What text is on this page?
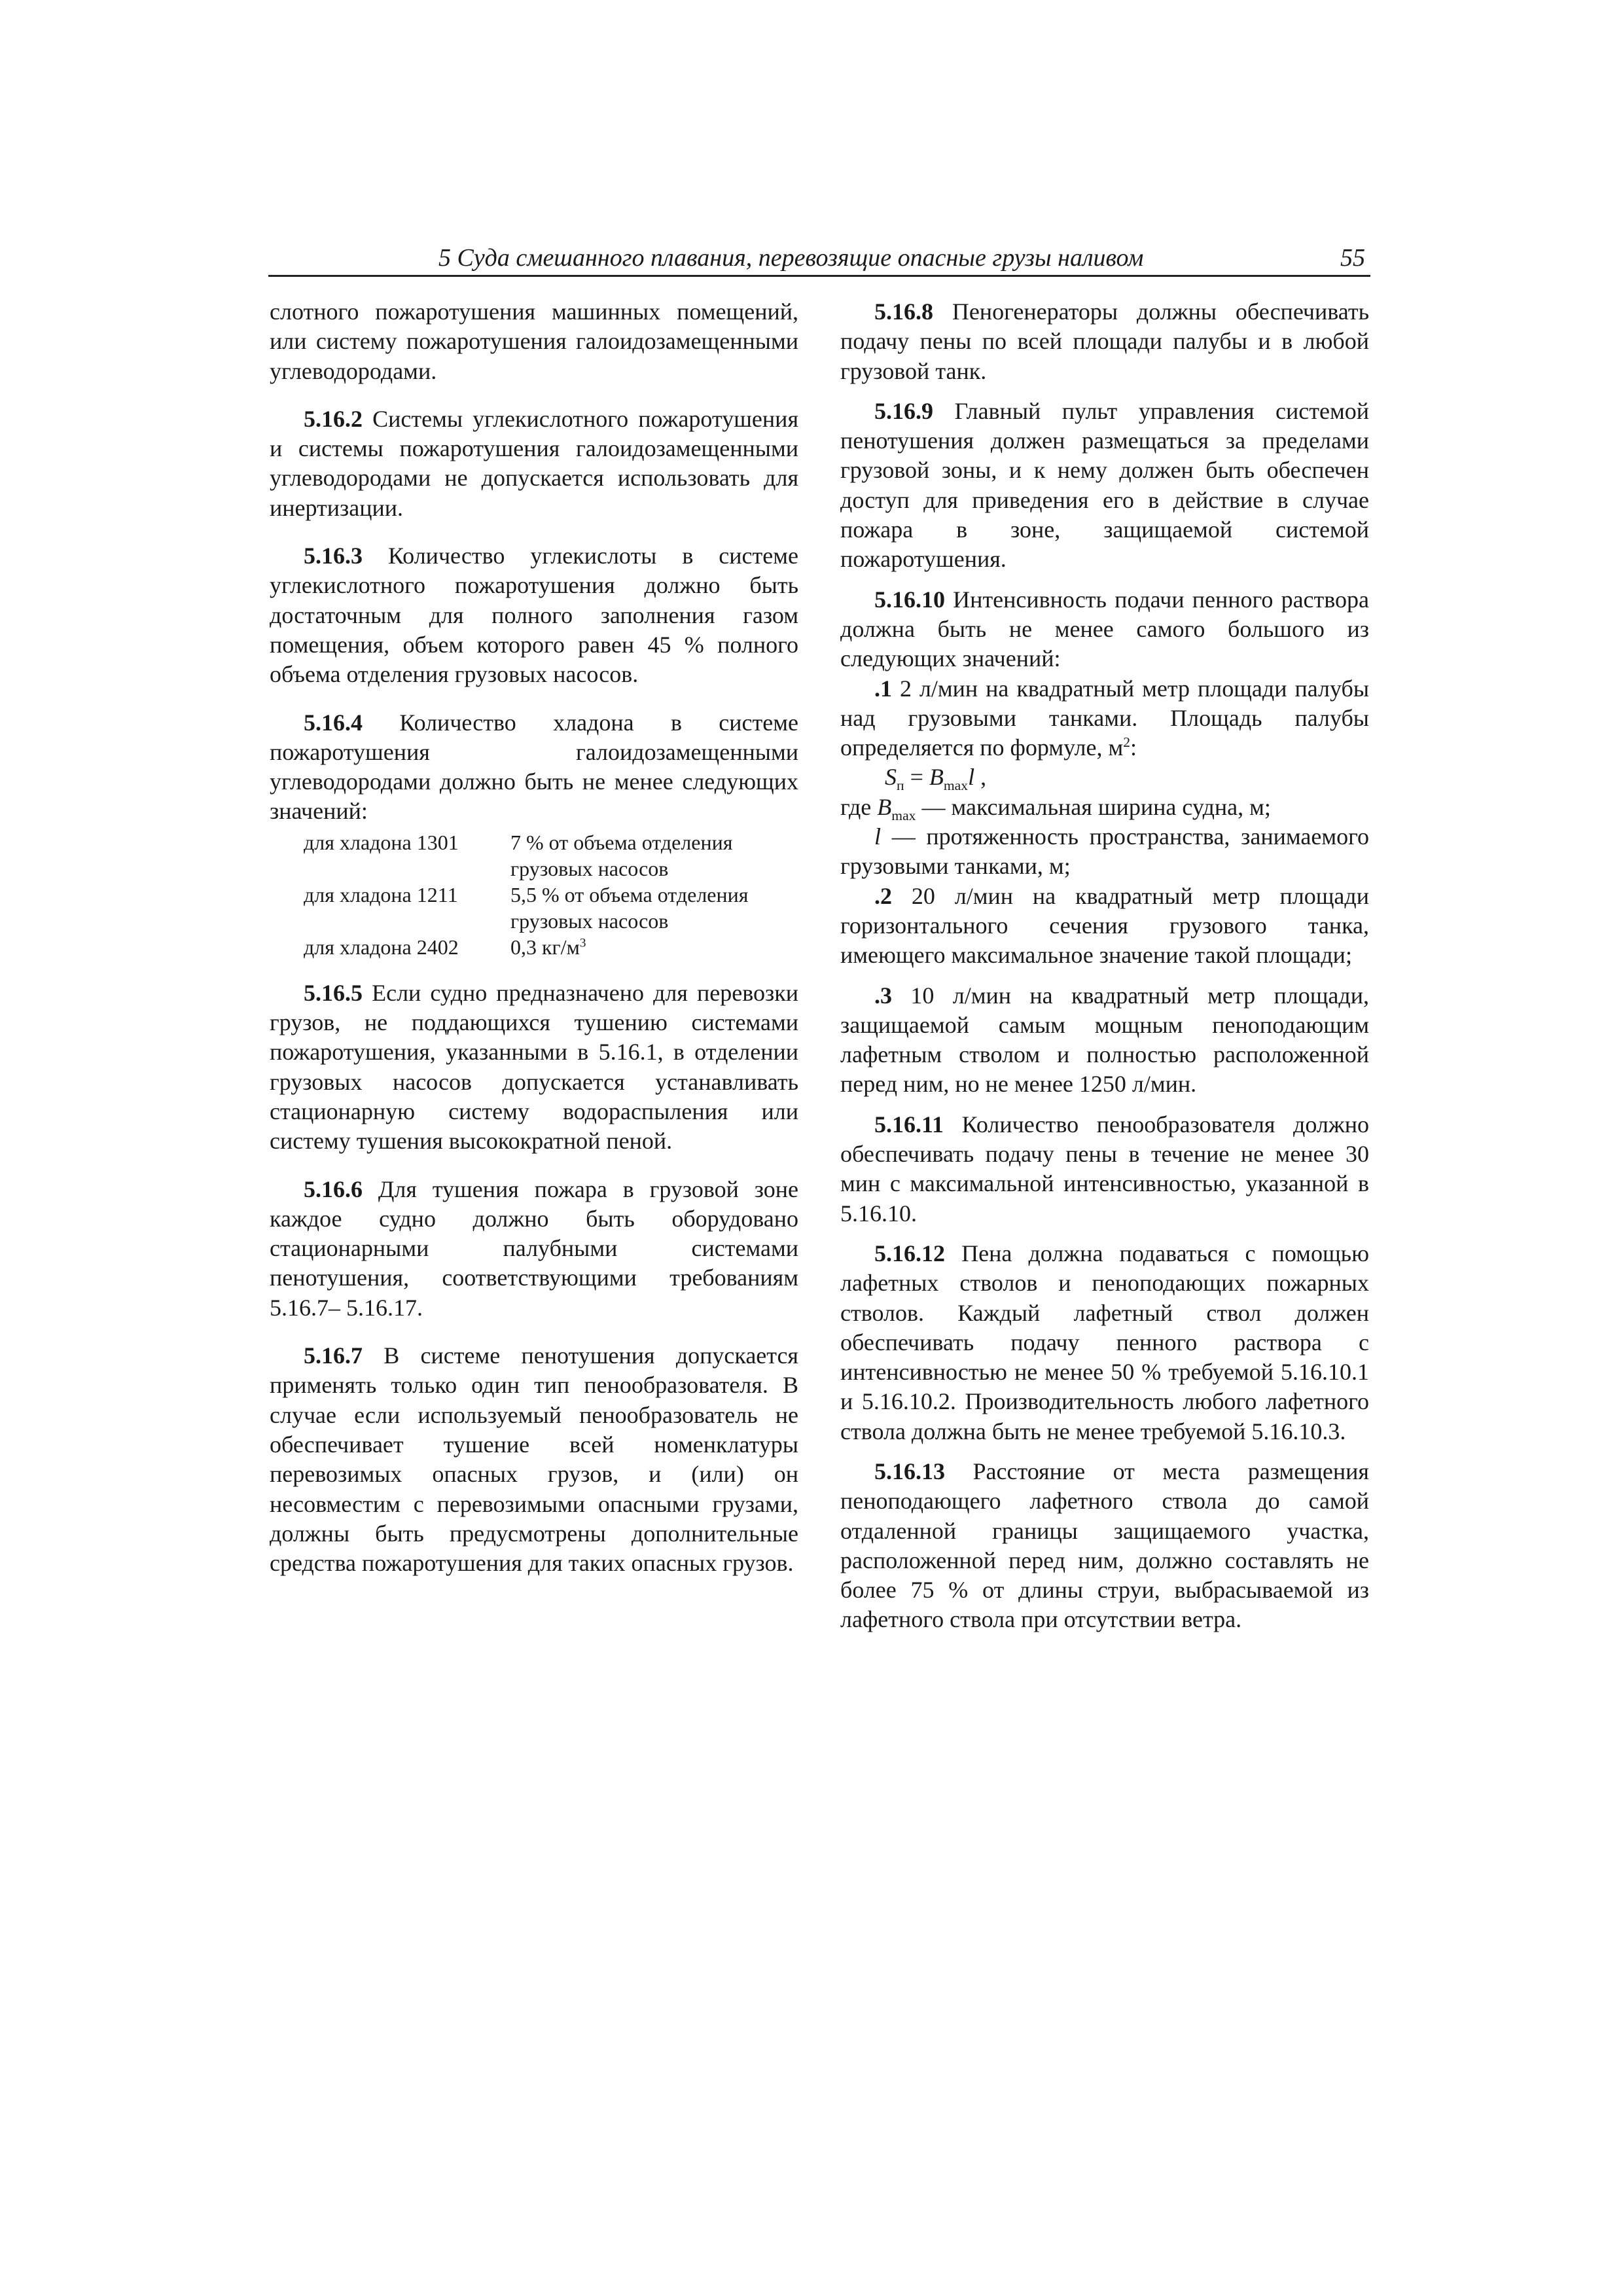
5 Суда смешанного плавания, перевозящие опасные грузы наливом	55

слотного пожаротушения машинных помещений, или систему пожаротушения галоидозамещенными углеводородами.

5.16.2 Системы углекислотного пожаротушения и системы пожаротушения галоидозамещенными углеводородами не допускается использовать для инертизации.

5.16.3 Количество углекислоты в системе углекислотного пожаротушения должно быть достаточным для полного заполнения газом помещения, объем которого равен 45 % полного объема отделения грузовых насосов.

5.16.4 Количество хладона в системе пожаротушения галоидозамещенными углеводородами должно быть не менее следующих значений:

для хладона 1301	7 % от объема отделения грузовых насосов
для хладона 1211	5,5 % от объема отделения грузовых насосов
для хладона 2402	0,3 $кг/м^3$

5.16.5 Если судно предназначено для перевозки грузов, не поддающихся тушению системами пожаротушения, указанными в 5.16.1, в отделении грузовых насосов допускается устанавливать стационарную систему водораспыления или систему тушения высокократной пеной.

5.16.6 Для тушения пожара в грузовой зоне каждое судно должно быть оборудовано стационарными палубными системами пенотушения, соответствующими требованиям 5.16.7– 5.16.17.

5.16.7 В системе пенотушения допускается применять только один тип пенообразователя. В случае если используемый пенообразователь не обеспечивает тушение всей номенклатуры перевозимых опасных грузов, и (или) он несовместим с перевозимыми опасными грузами, должны быть предусмотрены дополнительные средства пожаротушения для таких опасных грузов.

5.16.8 Пеногенераторы должны обеспечивать подачу пены по всей площади палубы и в любой грузовой танк.

5.16.9 Главный пульт управления системой пенотушения должен размещаться за пределами грузовой зоны, и к нему должен быть обеспечен доступ для приведения его в действие в случае пожара в зоне, защищаемой системой пожаротушения.

5.16.10 Интенсивность подачи пенного раствора должна быть не менее самого большого из следующих значений:

.1 2 л/мин на квадратный метр площади палубы над грузовыми танками. Площадь палубы определяется по формуле, $м^2$:

$S_п = B_{max}l$ ,

где $B_{max}$ — максимальная ширина судна, м;

l — протяженность пространства, занимаемого грузовыми танками, м;

.2 20 л/мин на квадратный метр площади горизонтального сечения грузового танка, имеющего максимальное значение такой площади;

.3 10 л/мин на квадратный метр площади, защищаемой самым мощным пеноподающим лафетным стволом и полностью расположенной перед ним, но не менее 1250 л/мин.

5.16.11 Количество пенообразователя должно обеспечивать подачу пены в течение не менее 30 мин с максимальной интенсивностью, указанной в 5.16.10.

5.16.12 Пена должна подаваться с помощью лафетных стволов и пеноподающих пожарных стволов. Каждый лафетный ствол должен обеспечивать подачу пенного раствора с интенсивностью не менее 50 % требуемой 5.16.10.1 и 5.16.10.2. Производительность любого лафетного ствола должна быть не менее требуемой 5.16.10.3.

5.16.13 Расстояние от места размещения пеноподающего лафетного ствола до самой отдаленной границы защищаемого участка, расположенной перед ним, должно составлять не более 75 % от длины струи, выбрасываемой из лафетного ствола при отсутствии ветра.
